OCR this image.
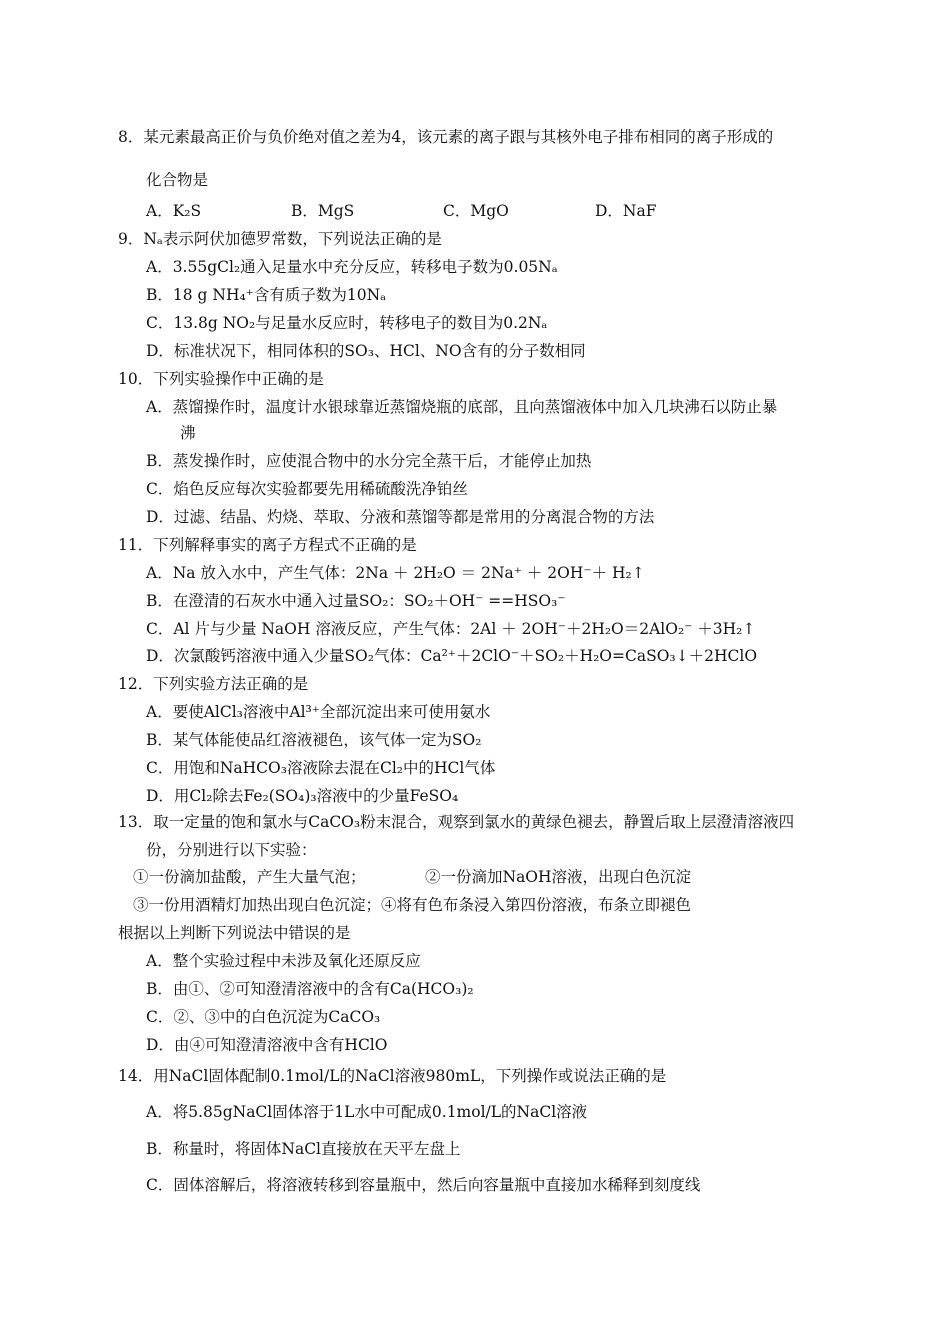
8．某元素最高正价与负价绝对值之差为4，该元素的离子跟与其核外电子排布相同的离子形成的
化合物是
A．K₂S	B．MgS	C．MgO	D．NaF
9．Nₐ表示阿伏加德罗常数，下列说法正确的是
A．3.55gCl₂通入足量水中充分反应，转移电子数为0.05Nₐ
B．18 g NH₄⁺含有质子数为10Nₐ
C．13.8g NO₂与足量水反应时，转移电子的数目为0.2Nₐ
D．标准状况下，相同体积的SO₃、HCl、NO含有的分子数相同
10．下列实验操作中正确的是
A．蒸馏操作时，温度计水银球靠近蒸馏烧瓶的底部，且向蒸馏液体中加入几块沸石以防止暴
沸
B．蒸发操作时，应使混合物中的水分完全蒸干后，才能停止加热
C．焰色反应每次实验都要先用稀硫酸洗净铂丝
D．过滤、结晶、灼烧、萃取、分液和蒸馏等都是常用的分离混合物的方法
11．下列解释事实的离子方程式不正确的是
A．Na 放入水中，产生气体：2Na ＋ 2H₂O ＝ 2Na⁺ ＋ 2OH⁻＋ H₂↑
B．在澄清的石灰水中通入过量SO₂：SO₂＋OH⁻ ==HSO₃⁻
C．Al 片与少量 NaOH 溶液反应，产生气体：2Al ＋ 2OH⁻＋2H₂O＝2AlO₂⁻ ＋3H₂↑
D．次氯酸钙溶液中通入少量SO₂气体：Ca²⁺＋2ClO⁻＋SO₂＋H₂O=CaSO₃↓＋2HClO
12．下列实验方法正确的是
A．要使AlCl₃溶液中Al³⁺全部沉淀出来可使用氨水
B．某气体能使品红溶液褪色，该气体一定为SO₂
C．用饱和NaHCO₃溶液除去混在Cl₂中的HCl气体
D．用Cl₂除去Fe₂(SO₄)₃溶液中的少量FeSO₄
13．取一定量的饱和氯水与CaCO₃粉末混合，观察到氯水的黄绿色褪去，静置后取上层澄清溶液四
份，分别进行以下实验：
①一份滴加盐酸，产生大量气泡；	②一份滴加NaOH溶液，出现白色沉淀
③一份用酒精灯加热出现白色沉淀；④将有色布条浸入第四份溶液，布条立即褪色
根据以上判断下列说法中错误的是
A．整个实验过程中未涉及氧化还原反应
B．由①、②可知澄清溶液中的含有Ca(HCO₃)₂
C．②、③中的白色沉淀为CaCO₃
D．由④可知澄清溶液中含有HClO
14．用NaCl固体配制0.1mol/L的NaCl溶液980mL，下列操作或说法正确的是
A．将5.85gNaCl固体溶于1L水中可配成0.1mol/L的NaCl溶液
B．称量时，将固体NaCl直接放在天平左盘上
C．固体溶解后，将溶液转移到容量瓶中，然后向容量瓶中直接加水稀释到刻度线
